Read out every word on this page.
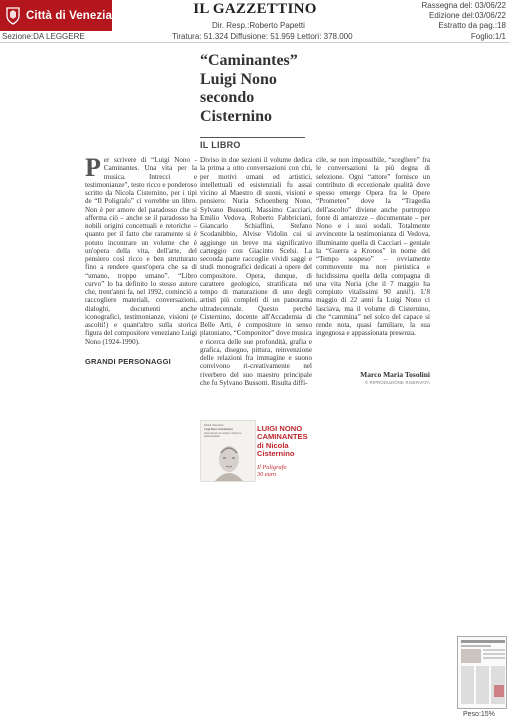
Città di Venezia	IL GAZZETTINO
Dir. Resp.:Roberto Papetti
Tiratura: 51.324 Diffusione: 51.959 Lettori: 378.000
Rassegna del: 03/06/22
Edizione del:03/06/22
Estratto da pag.:18
Foglio:1/1
Sezione:DA LEGGERE
“Caminantes”
Luigi Nono
secondo
Cisternino
IL LIBRO
Per scrivere di “Luigi Nono - Caminantes. Una vita per la musica. Intrecci e testimonianze”, testo ricco e ponderoso scritto da Nicola Cisternino, per i tipi de “Il Poligrafo” ci vorrebbe un libro. Non è per amore del paradosso che si afferma ciò – anche se il paradosso ha nobili origini concettuali e retoriche – quanto per il fatto che raramente si è potuto incontrare un volume che è un'opera della vita, dell'arte, del pensiero così ricco e ben strutturato fino a rendere quest'opera che sa di “umano, troppo umano”. “Libro curvo” lo ha definito lo stesso autore che, trent'anni fa, nel 1992, cominciò a raccogliere materiali, conversazioni, dialoghi, documenti anche iconografici, testimonianze, visioni (e ascolti!) e quant'altro sulla storica figura del compositore veneziano Luigi Nono (1924-1990).
GRANDI PERSONAGGI
Diviso in due sezioni il volume dedica la prima a otto conversazioni con chi, per motivi umani ed artistici, intellettuali ed esistenziali fu assai vicino al Maestro di suoni, visioni e pensiero: Nuria Schoenberg Nono, Sylvano Bussotti, Massimo Cacciari, Emilio Vedova, Roberto Fabbriciani, Giancarlo Schiaffini, Stefano Scodanibbio, Alvise Vidolin cui si aggiunge un breve ma significativo carteggio con Giacinto Scelsi. La seconda parte raccoglie vividi saggi e studi monografici dedicati a opere del compositore. Opera, dunque, di carattere geologico, stratificata nel tempo di maturazione di uno degli artisti più completi di un panorama ultradecennale. Questo perché Cisternino, docente all'Accademia di Belle Arti, è compositore in senso platoniano, “Componitor” dove musica e ricerca delle sue profondità, grafia e grafica, disegno, pittura, reinvenzione delle relazioni fra immagine e suono convivono ri-creativamente nel riverbero del suo maestro principale che fu Sylvano Bussotti. Risulta diffi-
cile, se non impossibile, “scegliere” fra le conversazioni la più degna di selezione. Ogni “attore” fornisce un contributo di eccezionale qualità dove spesso emerge Opera fra le Opere “Prometeo” dove la “Tragedia dell'ascolto” diviene anche purtroppo fonte di amarezze – documentate – per Nono e i suoi sodali. Totalmente avvincente la testimonianza di Vedova, illuminante quella di Cacciari – geniale la “Guerra a Kronos” in nome del “Tempo sospeso” – ovviamente commovente ma non pietistica e lucidissima quella della compagna di una vita Nuria (che il 7 maggio ha compiuto vitalissimi 90 anni!). L'8 maggio di 22 anni fa Luigi Nono ci lasciava, ma il volume di Cisternino, che “cammina” nel solco del capace si rende nota, quasi familiare, la sua ingegnosa e appassionata presenza.
Marco Maria Tosolini
© RIPRODUZIONE RISERVATA
Nicola Cisternino
Luigi Nono Caminantes
Una vita per la musica. Intrecci e testimonianze
LUIGI NONO
CAMINANTES
di Nicola
Cisternino
Il Poligrafo
30 euro
Peso:15%
